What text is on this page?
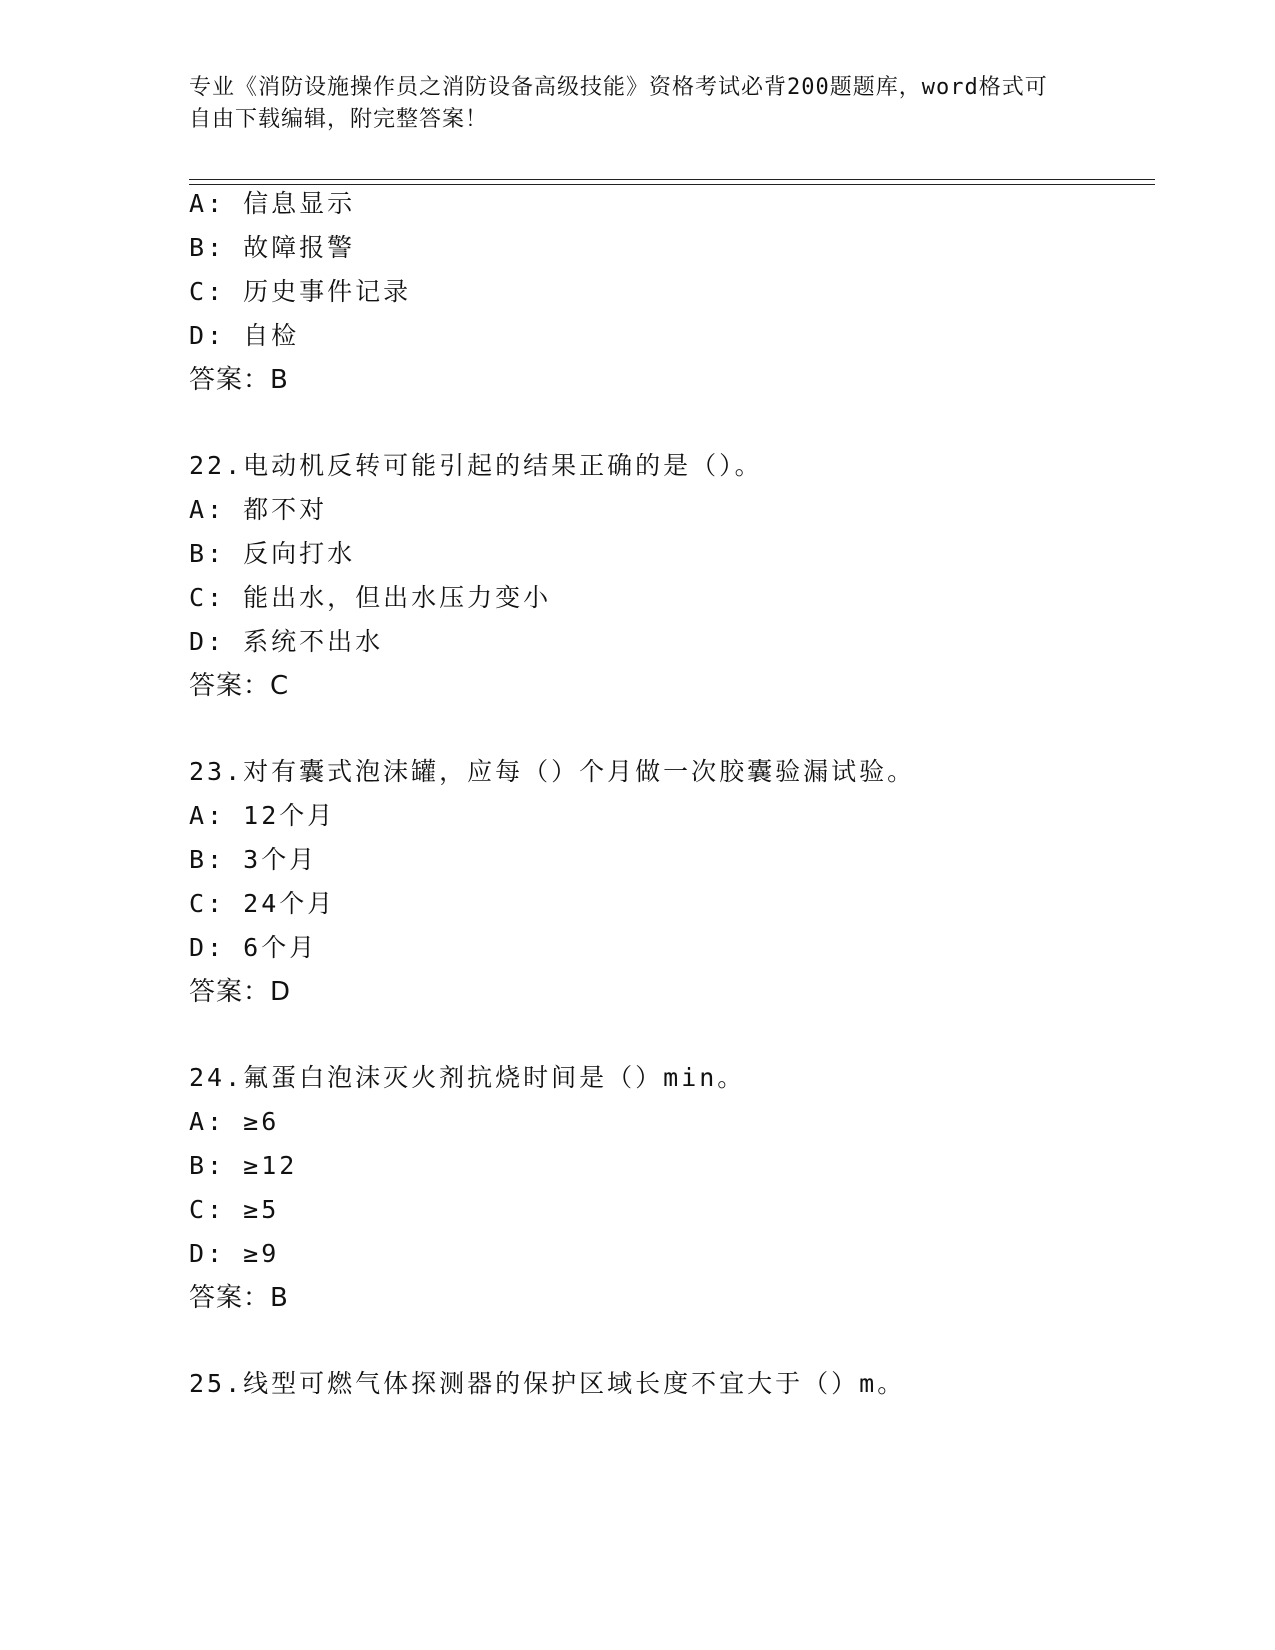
专业《消防设施操作员之消防设备高级技能》资格考试必背200题题库，word格式可自由下载编辑，附完整答案！
A: 信息显示
B: 故障报警
C: 历史事件记录
D: 自检
答案：B
22.电动机反转可能引起的结果正确的是（）。
A: 都不对
B: 反向打水
C: 能出水，但出水压力变小
D: 系统不出水
答案：C
23.对有囊式泡沫罐，应每（）个月做一次胶囊验漏试验。
A: 12个月
B: 3个月
C: 24个月
D: 6个月
答案：D
24.氟蛋白泡沫灭火剂抗烧时间是（）min。
A: ≥6
B: ≥12
C: ≥5
D: ≥9
答案：B
25.线型可燃气体探测器的保护区域长度不宜大于（）m。
